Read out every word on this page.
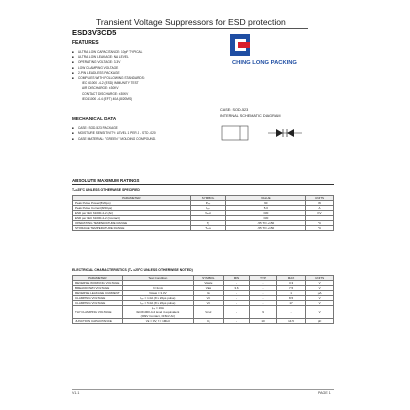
Transient Voltage Suppressors for ESD protection
ESD3V3CD5
FEATURES
■ ULTRA LOW CAPACITANCE: 10pF TYPICAL
■ ULTRA LOW LEAKAGE: NA LEVEL
■ OPERATING VOLTAGE: 3.3V
■ LOW CLAMPING VOLTAGE
■ 2-PIN LEADLESS PACKAGE
■ COMPLIES WITH FOLLOWING STANDARDS:
IEC 61000 -4-2 (ESD) IMMUNITY TEST
AIR DISCHARGE: ±30KV
CONTACT DISCHARGE: ±30KV
IEC61000 -4-4 (EFT) 40A (8/20MS)
CHING LONG PACKING
CASE: SOD-523
INTERNAL SCHEMATIC DIAGRAM
MECHANICAL DATA
■ CASE: SOD-523 PACKAGE
■ MOISTURE SENSITIVITY: LEVEL 1 PER J - STD -020
■ CASE MATERIAL: "GREEN " MOLDING COMPOUND.
ABSOLUTE MAXIMUM RATINGS
Tₐ=25°C UNLESS OTHERWISE SPECIFIED
PARAMETER	SYMBOL	VALUE	UNITS
Peak Pulse Power(8/20μs)	Pₚₚ	90	W
Peak Pulse Current(8/20μs)	Iₚₚ	5.0	A
ESD per IEC 61000-4-2 (Air)	Vₑₛᴅ	±30	KV
ESD per IEC 61000-4-2 (Contact)		±30	
OPERATING TEMPERATURE RANGE	Tⱼ	-55 TO +150	°C
STORAGE TEMPERATURE RANGE	Tₛₜɢ	-55 TO +150	°C
ELECTRICAL CHARACTERISTICS (Tₐ =25°C UNLESS OTHERWISE NOTED)
PARAMETER	Test Condition	SYMBOL	MIN	TYP	MAX	UNITS
REVERSE WORKING VOLTAGE		Vʀᴡᴍ	-	-	3.3	V
BREAKDOWN VOLTAGE	Iᴛ=1mA	Vʙʀ	3.6	-	7.5	V
REVERSE LEAKAGE CURRENT	Vʀᴡᴍ = 3.3V	Iʀ	-	-	1	μA
CLAMPING VOLTAGE	Iₚₚ = 1.0A (8 x 20μs pulse)	Vᴄ	-	-	8.5	V
CLAMPING VOLTAGE	Iₚₚ = 5.0A (8 x 20μs pulse)	Vᴄ	-	-	17	V
TLP CLAMPING VOLTAGE	Iₚₚ = 16A
IEC61000-4-2 level 4 equivalent
(±8kV Contact, ±15kV Air)	Vᴄʟᴘ	-	9	-	V
JUNCTION CAPACITANCE	Vʀ = 0V, f = 1MHz	Cⱼ	-	10	14.5	pF
V1.1	PAGE 1
